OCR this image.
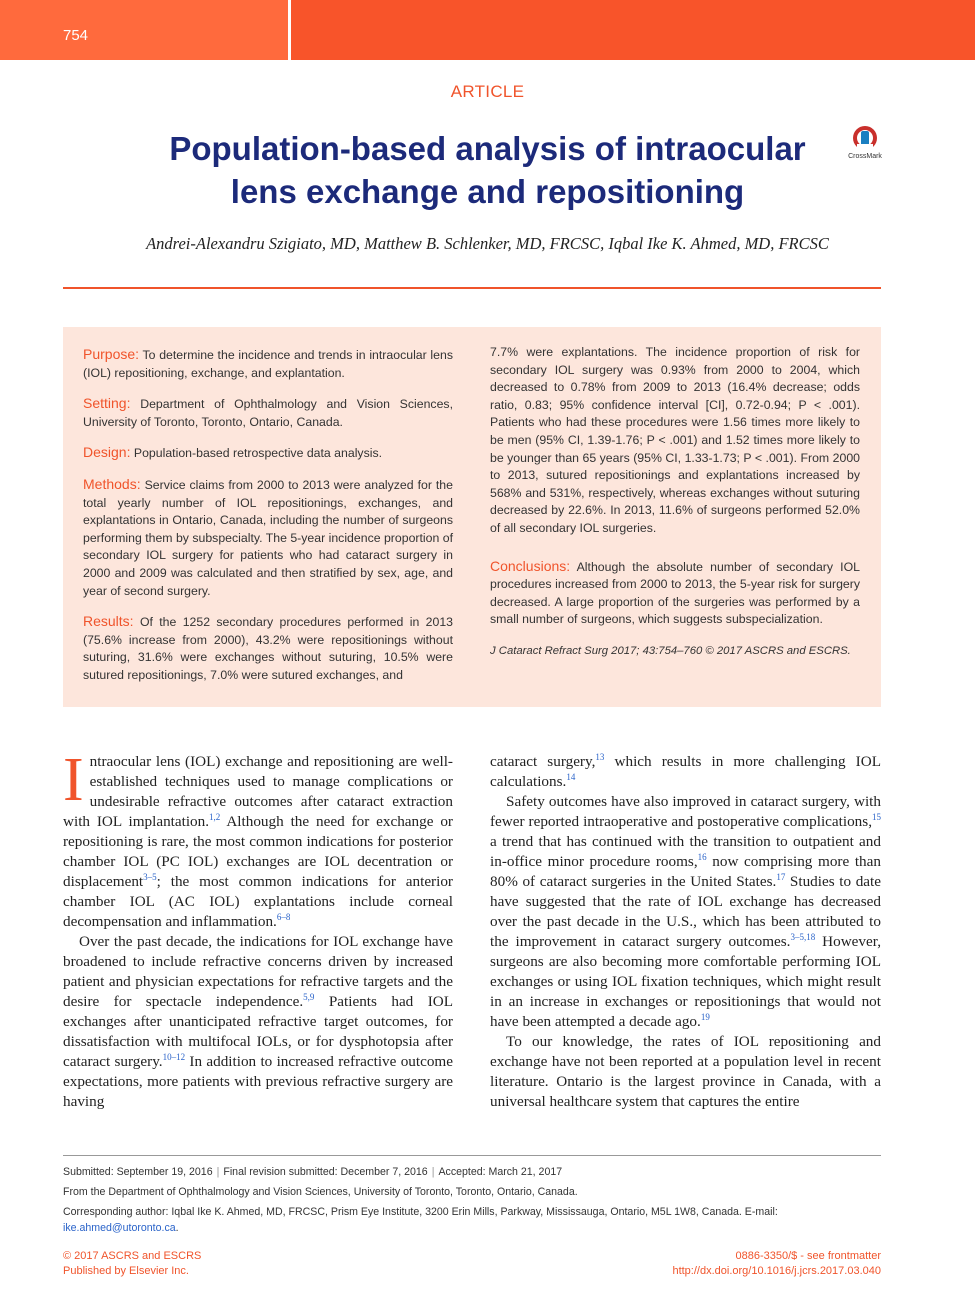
754
ARTICLE
Population-based analysis of intraocular
lens exchange and repositioning
CrossMark
Andrei-Alexandru Szigiato, MD, Matthew B. Schlenker, MD, FRCSC, Iqbal Ike K. Ahmed, MD, FRCSC
Purpose: To determine the incidence and trends in intraocular lens (IOL) repositioning, exchange, and explantation.
Setting: Department of Ophthalmology and Vision Sciences, University of Toronto, Toronto, Ontario, Canada.
Design: Population-based retrospective data analysis.
Methods: Service claims from 2000 to 2013 were analyzed for the total yearly number of IOL repositionings, exchanges, and explantations in Ontario, Canada, including the number of surgeons performing them by subspecialty. The 5-year incidence proportion of secondary IOL surgery for patients who had cataract surgery in 2000 and 2009 was calculated and then stratified by sex, age, and year of second surgery.
Results: Of the 1252 secondary procedures performed in 2013 (75.6% increase from 2000), 43.2% were repositionings without suturing, 31.6% were exchanges without suturing, 10.5% were sutured repositionings, 7.0% were sutured exchanges, and
7.7% were explantations. The incidence proportion of risk for secondary IOL surgery was 0.93% from 2000 to 2004, which decreased to 0.78% from 2009 to 2013 (16.4% decrease; odds ratio, 0.83; 95% confidence interval [CI], 0.72-0.94; P < .001). Patients who had these procedures were 1.56 times more likely to be men (95% CI, 1.39-1.76; P < .001) and 1.52 times more likely to be younger than 65 years (95% CI, 1.33-1.73; P < .001). From 2000 to 2013, sutured repositionings and explantations increased by 568% and 531%, respectively, whereas exchanges without suturing decreased by 22.6%. In 2013, 11.6% of surgeons performed 52.0% of all secondary IOL surgeries.
Conclusions: Although the absolute number of secondary IOL procedures increased from 2000 to 2013, the 5-year risk for surgery decreased. A large proportion of the surgeries was performed by a small number of surgeons, which suggests subspecialization.
J Cataract Refract Surg 2017; 43:754–760 © 2017 ASCRS and ESCRS.

Intraocular lens (IOL) exchange and repositioning are well-established techniques used to manage complications or undesirable refractive outcomes after cataract extraction with IOL implantation.$^{1,2}$ Although the need for exchange or repositioning is rare, the most common indications for posterior chamber IOL (PC IOL) exchanges are IOL decentration or displacement$^{3-5}$; the most common indications for anterior chamber IOL (AC IOL) explantations include corneal decompensation and inflammation.$^{6-8}$

Over the past decade, the indications for IOL exchange have broadened to include refractive concerns driven by increased patient and physician expectations for refractive targets and the desire for spectacle independence.$^{5,9}$ Patients had IOL exchanges after unanticipated refractive target outcomes, for dissatisfaction with multifocal IOLs, or for dysphotopsia after cataract surgery.$^{10-12}$ In addition to increased refractive outcome expectations, more patients with previous refractive surgery are having

cataract surgery,$^{13}$ which results in more challenging IOL calculations.$^{14}$

Safety outcomes have also improved in cataract surgery, with fewer reported intraoperative and postoperative complications,$^{15}$ a trend that has continued with the transition to outpatient and in-office minor procedure rooms,$^{16}$ now comprising more than 80% of cataract surgeries in the United States.$^{17}$ Studies to date have suggested that the rate of IOL exchange has decreased over the past decade in the U.S., which has been attributed to the improvement in cataract surgery outcomes.$^{3-5,18}$ However, surgeons are also becoming more comfortable performing IOL exchanges or using IOL fixation techniques, which might result in an increase in exchanges or repositionings that would not have been attempted a decade ago.$^{19}$

To our knowledge, the rates of IOL repositioning and exchange have not been reported at a population level in recent literature. Ontario is the largest province in Canada, with a universal healthcare system that captures the entire

Submitted: September 19, 2016 | Final revision submitted: December 7, 2016 | Accepted: March 21, 2017
From the Department of Ophthalmology and Vision Sciences, University of Toronto, Toronto, Ontario, Canada.
Corresponding author: Iqbal Ike K. Ahmed, MD, FRCSC, Prism Eye Institute, 3200 Erin Mills, Parkway, Mississauga, Ontario, M5L 1W8, Canada. E-mail: ike.ahmed@utoronto.ca.
© 2017 ASCRS and ESCRS
Published by Elsevier Inc.
0886-3350/$ - see frontmatter
http://dx.doi.org/10.1016/j.jcrs.2017.03.040
